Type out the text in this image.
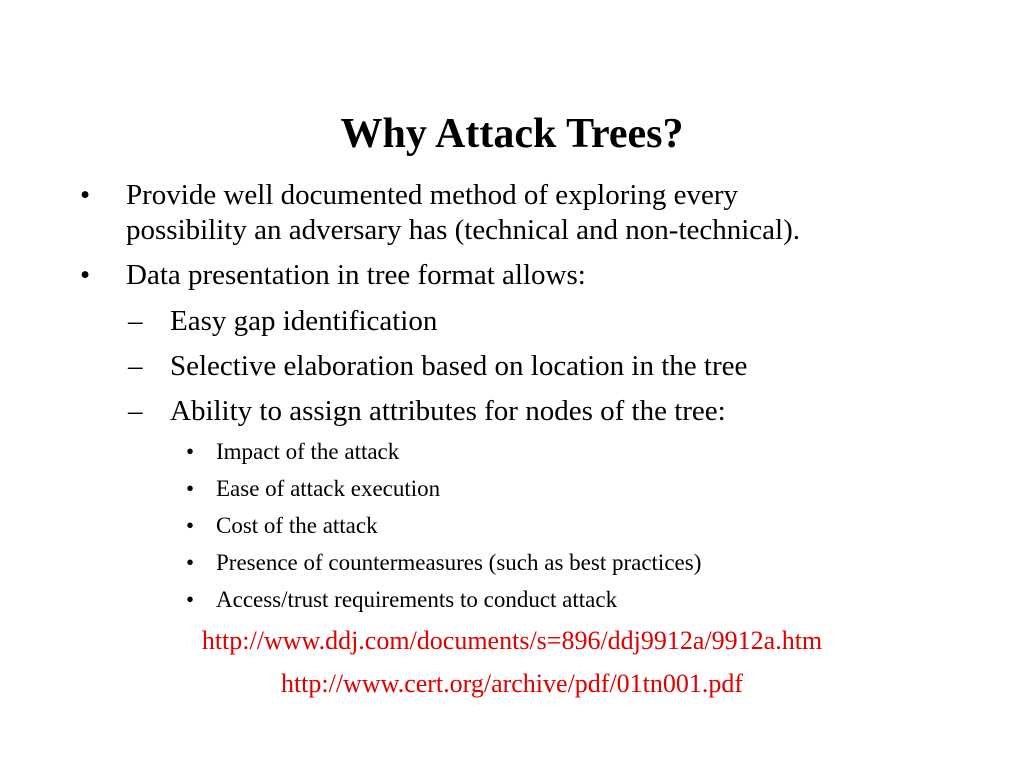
Why Attack Trees?
•	Provide well documented method of exploring every
possibility an adversary has (technical and non-technical).
•	Data presentation in tree format allows:
– Easy gap identification
– Selective elaboration based on location in the tree
– Ability to assign attributes for nodes of the tree:
• Impact of the attack
• Ease of attack execution
• Cost of the attack
• Presence of countermeasures (such as best practices)
• Access/trust requirements to conduct attack
http://www.ddj.com/documents/s=896/ddj9912a/9912a.htm
http://www.cert.org/archive/pdf/01tn001.pdf
